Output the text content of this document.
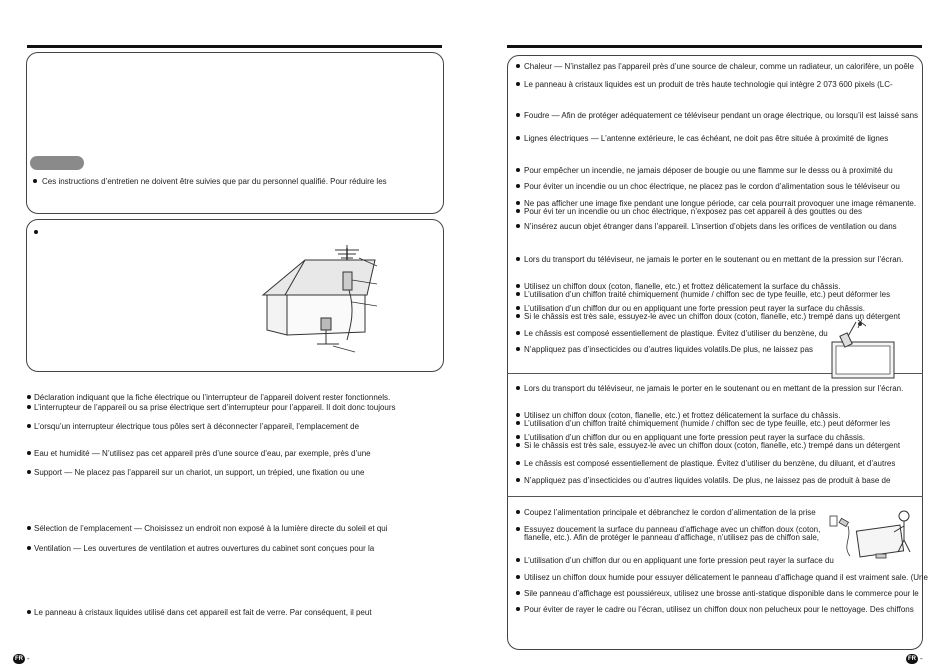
Ces instructions d’entretien ne doivent être suivies que par du personnel qualifié. Pour réduire les
Déclaration indiquant que la fiche électrique ou l’interrupteur de l’appareil doivent rester fonctionnels.
L’interrupteur de l’appareil ou sa prise électrique sert d’interrupteur pour l’appareil. Il doit donc toujours
L’orsqu’un interrupteur électrique tous pôles sert à déconnecter l’appareil, l’emplacement de
Eau et humidité — N’utilisez pas cet appareil près d’une source d’eau, par exemple, près d’une
Support — Ne placez pas l’appareil sur un chariot, un support, un trépied, une fixation ou une
Sélection de l’emplacement — Choisissez un endroit non exposé à la lumière directe du soleil et qui
Ventilation — Les ouvertures de ventilation et autres ouvertures du cabinet sont conçues pour la
Le panneau à cristaux liquides utilisé dans cet appareil est fait de verre. Par conséquent, il peut
FR -
Chaleur — N’installez pas l’appareil près d’une source de chaleur, comme un radiateur, un calorifère, un poêle
Le panneau à cristaux liquides est un produit de très haute technologie qui intègre 2 073 600 pixels (LC-
Foudre — Afin de protéger adéquatement ce téléviseur pendant un orage électrique, ou lorsqu’il est laissé sans
Lignes électriques — L’antenne extérieure, le cas échéant, ne doit pas être située à proximité de lignes
Pour empêcher un incendie, ne jamais déposer de bougie ou une flamme sur le desss ou à proximité du
Pour éviter un incendie ou un choc électrique, ne placez pas le cordon d’alimentation sous le téléviseur ou
Ne pas afficher une image fixe pendant une longue période, car cela pourrait provoquer une image rémanente.
Pour évi ter un incendie ou un choc électrique, n’exposez pas cet appareil à des gouttes ou des
N’insérez aucun objet étranger dans l’appareil. L’insertion d’objets dans les orifices de ventilation ou dans
Lors du transport du téléviseur, ne jamais le porter en le soutenant ou en mettant de la pression sur l’écran.
Utilisez un chiffon doux (coton, flanelle, etc.) et frottez délicatement la surface du châssis.
L’utilisation d’un chiffon traité chimiquement (humide / chiffon sec de type feuille, etc.) peut déformer les
L’utilisation d’un chiffon dur ou en appliquant une forte pression peut rayer la surface du châssis.
Si le châssis est très sale, essuyez-le avec un chiffon doux (coton, flanelle, etc.) trempé dans un détergent
Le châssis est composé essentiellement de plastique. Évitez d’utiliser du benzène, du
N’appliquez pas d’insecticides ou d’autres liquides volatils.De plus, ne laissez pas
Lors du transport du téléviseur, ne jamais le porter en le soutenant ou en mettant de la pression sur l’écran.
Utilisez un chiffon doux (coton, flanelle, etc.) et frottez délicatement la surface du châssis.
L’utilisation d’un chiffon traité chimiquement (humide / chiffon sec de type feuille, etc.) peut déformer les
L’utilisation d’un chiffon dur ou en appliquant une forte pression peut rayer la surface du châssis.
Si le châssis est très sale, essuyez-le avec un chiffon doux (coton, flanelle, etc.) trempé dans un détergent
Le châssis est composé essentiellement de plastique. Évitez d’utiliser du benzène, du diluant, et d’autres
N’appliquez pas d’insecticides ou d’autres liquides volatils. De plus, ne laissez pas de produit à base de
Coupez l’alimentation principale et débranchez le cordon d’alimentation de la prise
Essuyez doucement la surface du panneau d’affichage avec un chiffon doux (coton,
flanelle, etc.). Afin de protéger le panneau d’affichage, n’utilisez pas de chiffon sale,
L’utilisation d’un chiffon dur ou en appliquant une forte pression peut rayer la surface du
Utilisez un chiffon doux humide pour essuyer délicatement le panneau d’affichage quand il est vraiment sale. (Une
Sile panneau d’affichage est poussiéreux, utilisez une brosse anti-statique disponible dans le commerce pour le
Pour éviter de rayer le cadre ou l’écran, utilisez un chiffon doux non pelucheux pour le nettoyage. Des chiffons
FR -
